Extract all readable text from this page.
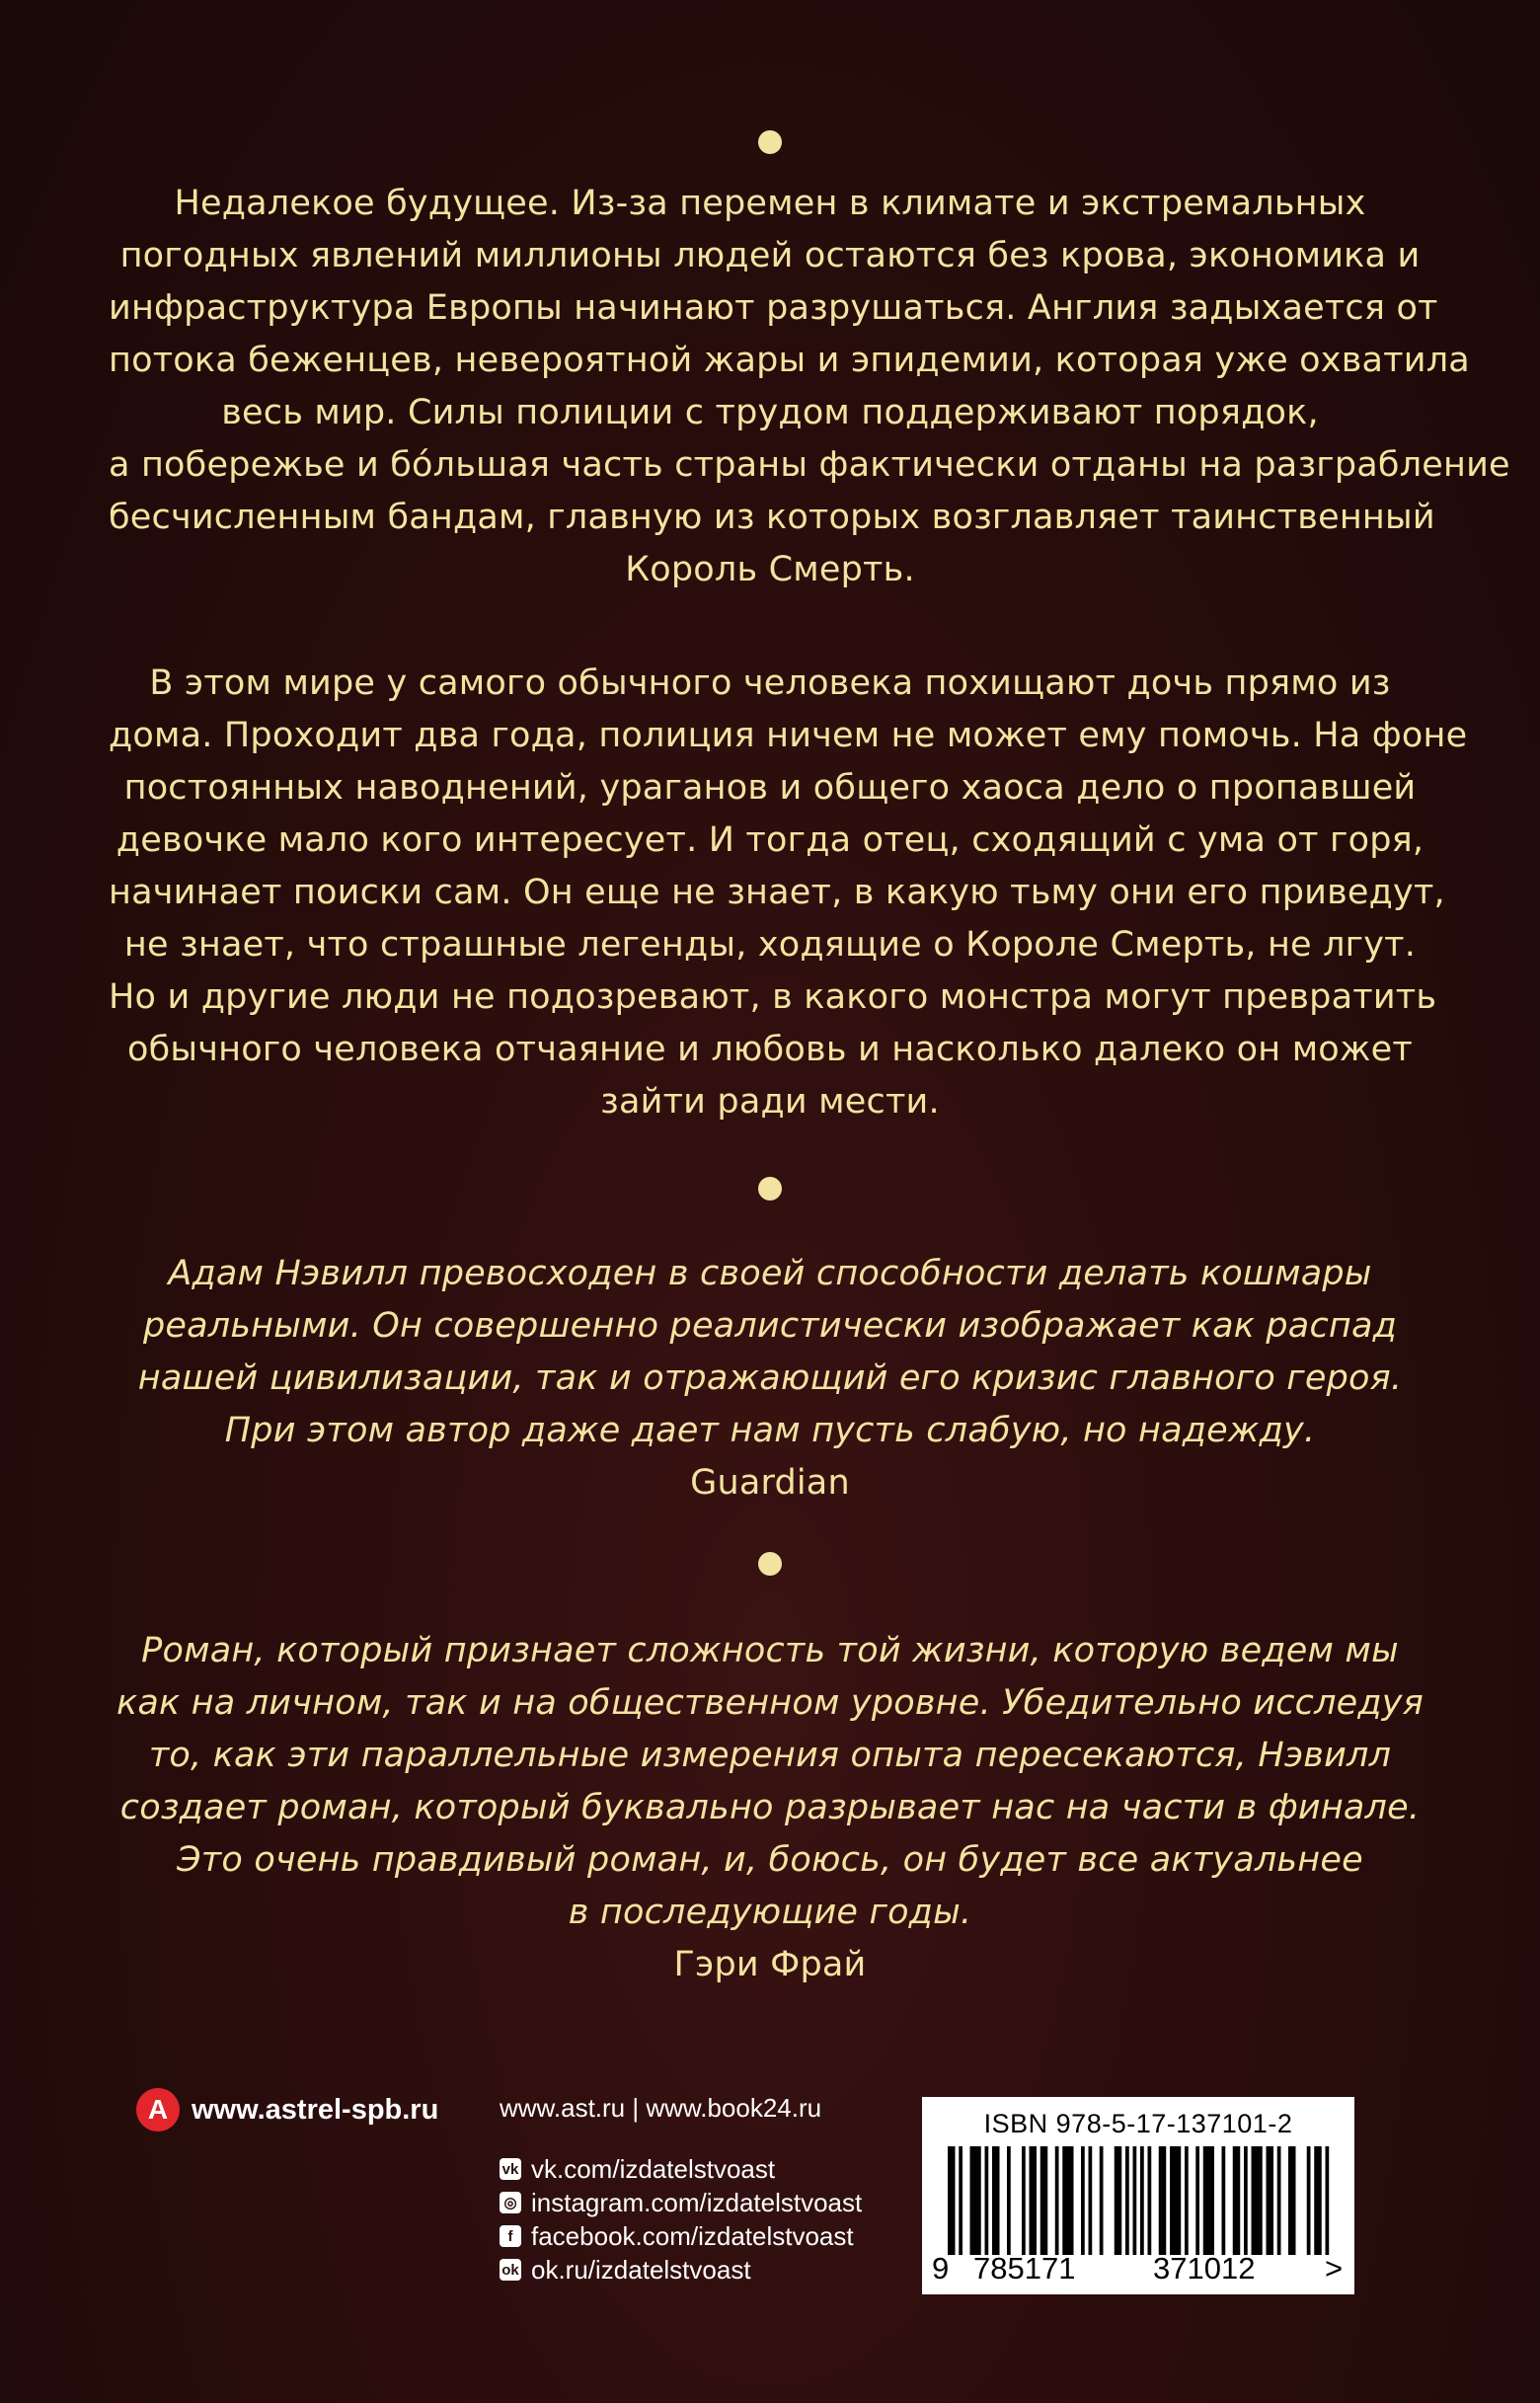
Недалекое будущее. Из-за перемен в климате и экстремальных
погодных явлений миллионы людей остаются без крова, экономика и
инфраструктура Европы начинают разрушаться. Англия задыхается от
потока беженцев, невероятной жары и эпидемии, которая уже охватила
весь мир. Силы полиции с трудом поддерживают порядок,
а побережье и бóльшая часть страны фактически отданы на разграбление
бесчисленным бандам, главную из которых возглавляет таинственный
Король Смерть.

В этом мире у самого обычного человека похищают дочь прямо из
дома. Проходит два года, полиция ничем не может ему помочь. На фоне
постоянных наводнений, ураганов и общего хаоса дело о пропавшей
девочке мало кого интересует. И тогда отец, сходящий с ума от горя,
начинает поиски сам. Он еще не знает, в какую тьму они его приведут,
не знает, что страшные легенды, ходящие о Короле Смерть, не лгут.
Но и другие люди не подозревают, в какого монстра могут превратить
обычного человека отчаяние и любовь и насколько далеко он может
зайти ради мести.

Адам Нэвилл превосходен в своей способности делать кошмары
реальными. Он совершенно реалистически изображает как распад
нашей цивилизации, так и отражающий его кризис главного героя.
При этом автор даже дает нам пусть слабую, но надежду.
Guardian

Роман, который признает сложность той жизни, которую ведем мы
как на личном, так и на общественном уровне. Убедительно исследуя
то, как эти параллельные измерения опыта пересекаются, Нэвилл
создает роман, который буквально разрывает нас на части в финале.
Это очень правдивый роман, и, боюсь, он будет все актуальнее
в последующие годы.
Гэри Фрай

А www.astrel-spb.ru www.ast.ru | www.book24.ru
vk vk.com/izdatelstvoast
◎ instagram.com/izdatelstvoast
f facebook.com/izdatelstvoast
ok ok.ru/izdatelstvoast
ISBN 978-5-17-137101-2
9 785171	371012 >
